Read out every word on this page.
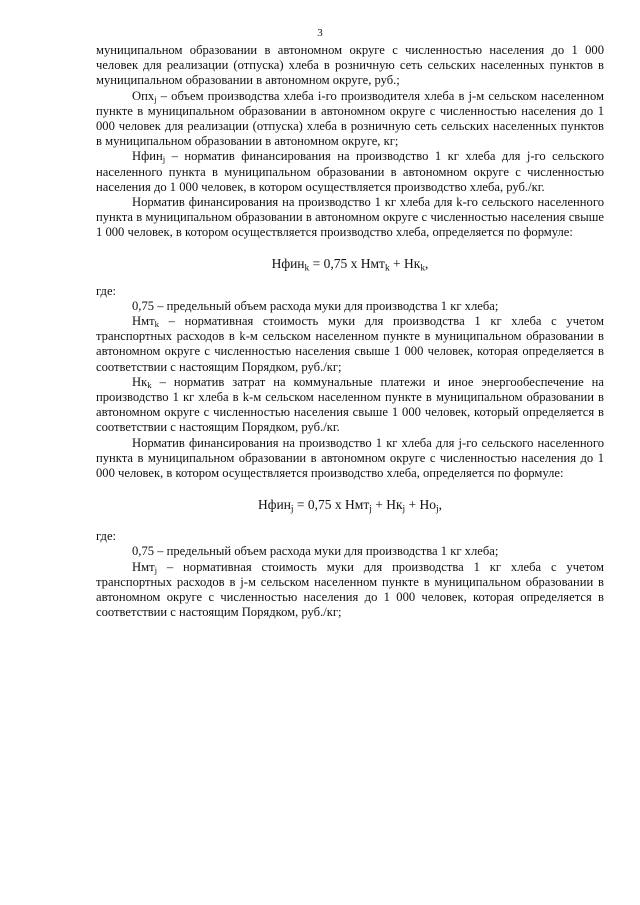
3

муниципальном образовании в автономном округе с численностью населения до 1 000 человек для реализации (отпуска) хлеба в розничную сеть сельских населенных пунктов в муниципальном образовании в автономном округе, руб.;

Опх$_j$ – объем производства хлеба i-го производителя хлеба в j-м сельском населенном пункте в муниципальном образовании в автономном округе с численностью населения до 1 000 человек для реализации (отпуска) хлеба в розничную сеть сельских населенных пунктов в муниципальном образовании в автономном округе, кг;

Нфин$_j$ – норматив финансирования на производство 1 кг хлеба для j-го сельского населенного пункта в муниципальном образовании в автономном округе с численностью населения до 1 000 человек, в котором осуществляется производство хлеба, руб./кг.

Норматив финансирования на производство 1 кг хлеба для k-го сельского населенного пункта в муниципальном образовании в автономном округе с численностью населения свыше 1 000 человек, в котором осуществляется производство хлеба, определяется по формуле:

Нфин$_k$ = 0,75 x $Нмт_k + Нк_k$,

где:

0,75 – предельный объем расхода муки для производства 1 кг хлеба;

Нмт$_k$ – нормативная стоимость муки для производства 1 кг хлеба с учетом транспортных расходов в k-м сельском населенном пункте в муниципальном образовании в автономном округе с численностью населения свыше 1 000 человек, которая определяется в соответствии с настоящим Порядком, руб./кг;

$Нк_k$ – норматив затрат на коммунальные платежи и иное энергообеспечение на производство 1 кг хлеба в k-м сельском населенном пункте в муниципальном образовании в автономном округе с численностью населения свыше 1 000 человек, который определяется в соответствии с настоящим Порядком, руб./кг.

Норматив финансирования на производство 1 кг хлеба для j-го сельского населенного пункта в муниципальном образовании в автономном округе с численностью населения до 1 000 человек, в котором осуществляется производство хлеба, определяется по формуле:

Нфин$_j$ = 0,75 x $Нмт_j + Нк_j + Но_j$,

где:

0,75 – предельный объем расхода муки для производства 1 кг хлеба;

Нмт$_j$ – нормативная стоимость муки для производства 1 кг хлеба с учетом транспортных расходов в j-м сельском населенном пункте в муниципальном образовании в автономном округе с численностью населения до 1 000 человек, которая определяется в соответствии с настоящим Порядком, руб./кг;
